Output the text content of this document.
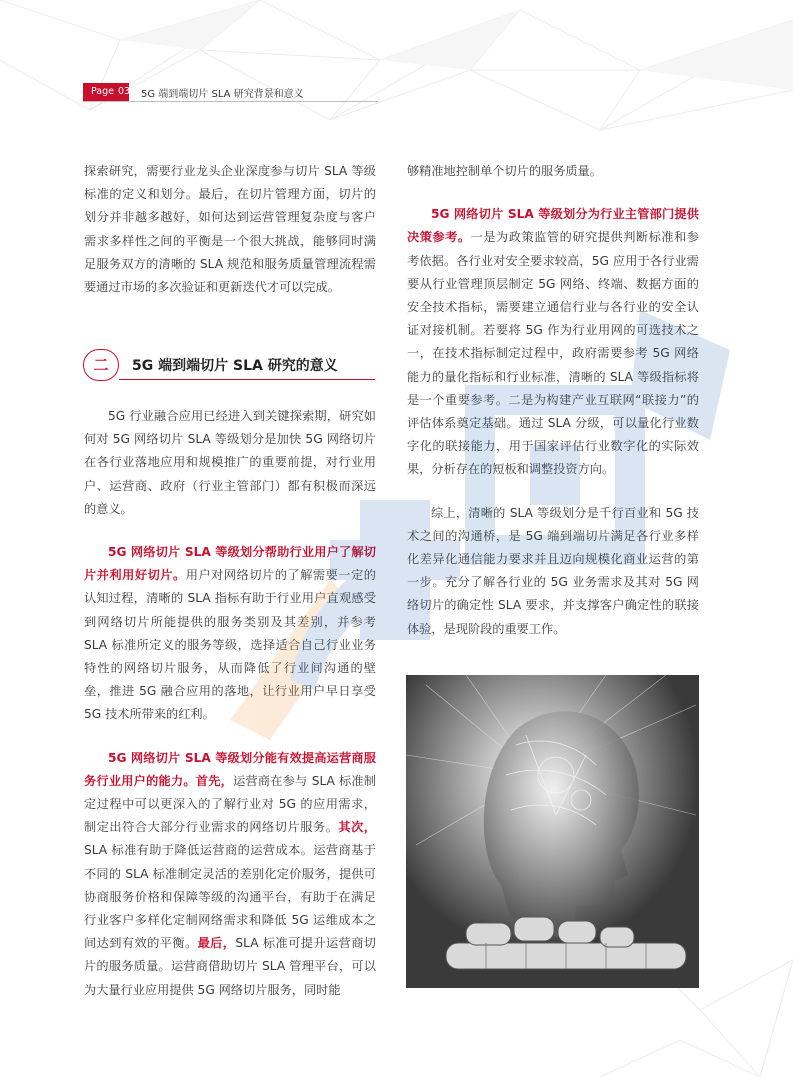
Page 03 5G 端到端切片 SLA 研究背景和意义

探索研究，需要行业龙头企业深度参与切片 SLA 等级标准的定义和划分。最后，在切片管理方面，切片的划分并非越多越好，如何达到运营管理复杂度与客户需求多样性之间的平衡是一个很大挑战，能够同时满足服务双方的清晰的 SLA 规范和服务质量管理流程需要通过市场的多次验证和更新迭代才可以完成。

二	5G 端到端切片 SLA 研究的意义

5G 行业融合应用已经进入到关键探索期，研究如何对 5G 网络切片 SLA 等级划分是加快 5G 网络切片在各行业落地应用和规模推广的重要前提，对行业用户、运营商、政府（行业主管部门）都有积极而深远的意义。

5G 网络切片 SLA 等级划分帮助行业用户了解切片并利用好切片。用户对网络切片的了解需要一定的认知过程，清晰的 SLA 指标有助于行业用户直观感受到网络切片所能提供的服务类别及其差别，并参考 SLA 标准所定义的服务等级，选择适合自己行业业务特性的网络切片服务，从而降低了行业间沟通的壁垒，推进 5G 融合应用的落地，让行业用户早日享受 5G 技术所带来的红利。

5G 网络切片 SLA 等级划分能有效提高运营商服务行业用户的能力。首先，运营商在参与 SLA 标准制定过程中可以更深入的了解行业对 5G 的应用需求，制定出符合大部分行业需求的网络切片服务。其次，SLA 标准有助于降低运营商的运营成本。运营商基于不同的 SLA 标准制定灵活的差别化定价服务，提供可协商服务价格和保障等级的沟通平台，有助于在满足行业客户多样化定制网络需求和降低 5G 运维成本之间达到有效的平衡。最后，SLA 标准可提升运营商切片的服务质量。运营商借助切片 SLA 管理平台，可以为大量行业应用提供 5G 网络切片服务，同时能

够精准地控制单个切片的服务质量。

5G 网络切片 SLA 等级划分为行业主管部门提供决策参考。一是为政策监管的研究提供判断标准和参考依据。各行业对安全要求较高，5G 应用于各行业需要从行业管理顶层制定 5G 网络、终端、数据方面的安全技术指标，需要建立通信行业与各行业的安全认证对接机制。若要将 5G 作为行业用网的可选技术之一，在技术指标制定过程中，政府需要参考 5G 网络能力的量化指标和行业标准，清晰的 SLA 等级指标将是一个重要参考。二是为构建产业互联网“联接力”的评估体系奠定基础。通过 SLA 分级，可以量化行业数字化的联接能力，用于国家评估行业数字化的实际效果，分析存在的短板和调整投资方向。

综上，清晰的 SLA 等级划分是千行百业和 5G 技术之间的沟通桥，是 5G 端到端切片满足各行业多样化差异化通信能力要求并且迈向规模化商业运营的第一步。充分了解各行业的 5G 业务需求及其对 5G 网络切片的确定性 SLA 要求，并支撑客户确定性的联接体验，是现阶段的重要工作。
